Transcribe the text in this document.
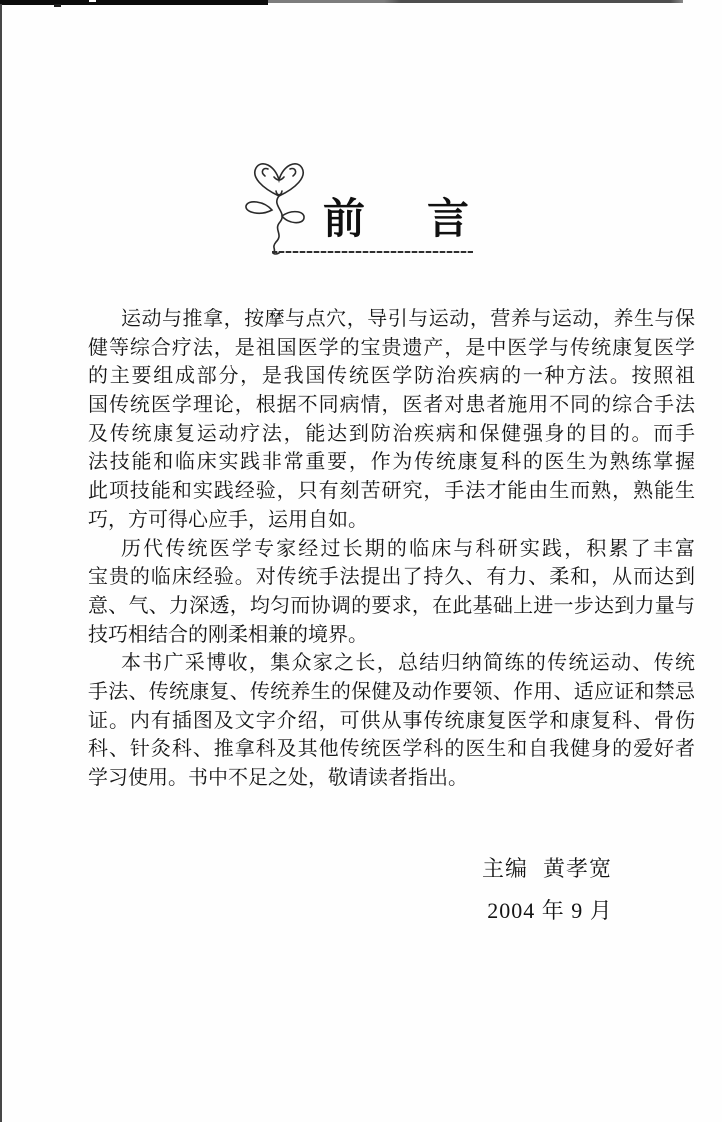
前言
运动与推拿，按摩与点穴，导引与运动，营养与运动，养生与保
健等综合疗法，是祖国医学的宝贵遗产，是中医学与传统康复医学
的主要组成部分，是我国传统医学防治疾病的一种方法。按照祖
国传统医学理论，根据不同病情，医者对患者施用不同的综合手法
及传统康复运动疗法，能达到防治疾病和保健强身的目的。而手
法技能和临床实践非常重要，作为传统康复科的医生为熟练掌握
此项技能和实践经验，只有刻苦研究，手法才能由生而熟，熟能生
巧，方可得心应手，运用自如。
历代传统医学专家经过长期的临床与科研实践，积累了丰富
宝贵的临床经验。对传统手法提出了持久、有力、柔和，从而达到
意、气、力深透，均匀而协调的要求，在此基础上进一步达到力量与
技巧相结合的刚柔相兼的境界。
本书广采博收，集众家之长，总结归纳简练的传统运动、传统
手法、传统康复、传统养生的保健及动作要领、作用、适应证和禁忌
证。内有插图及文字介绍，可供从事传统康复医学和康复科、骨伤
科、针灸科、推拿科及其他传统医学科的医生和自我健身的爱好者
学习使用。书中不足之处，敬请读者指出。
主编 黄孝宽
2004 年 9 月
